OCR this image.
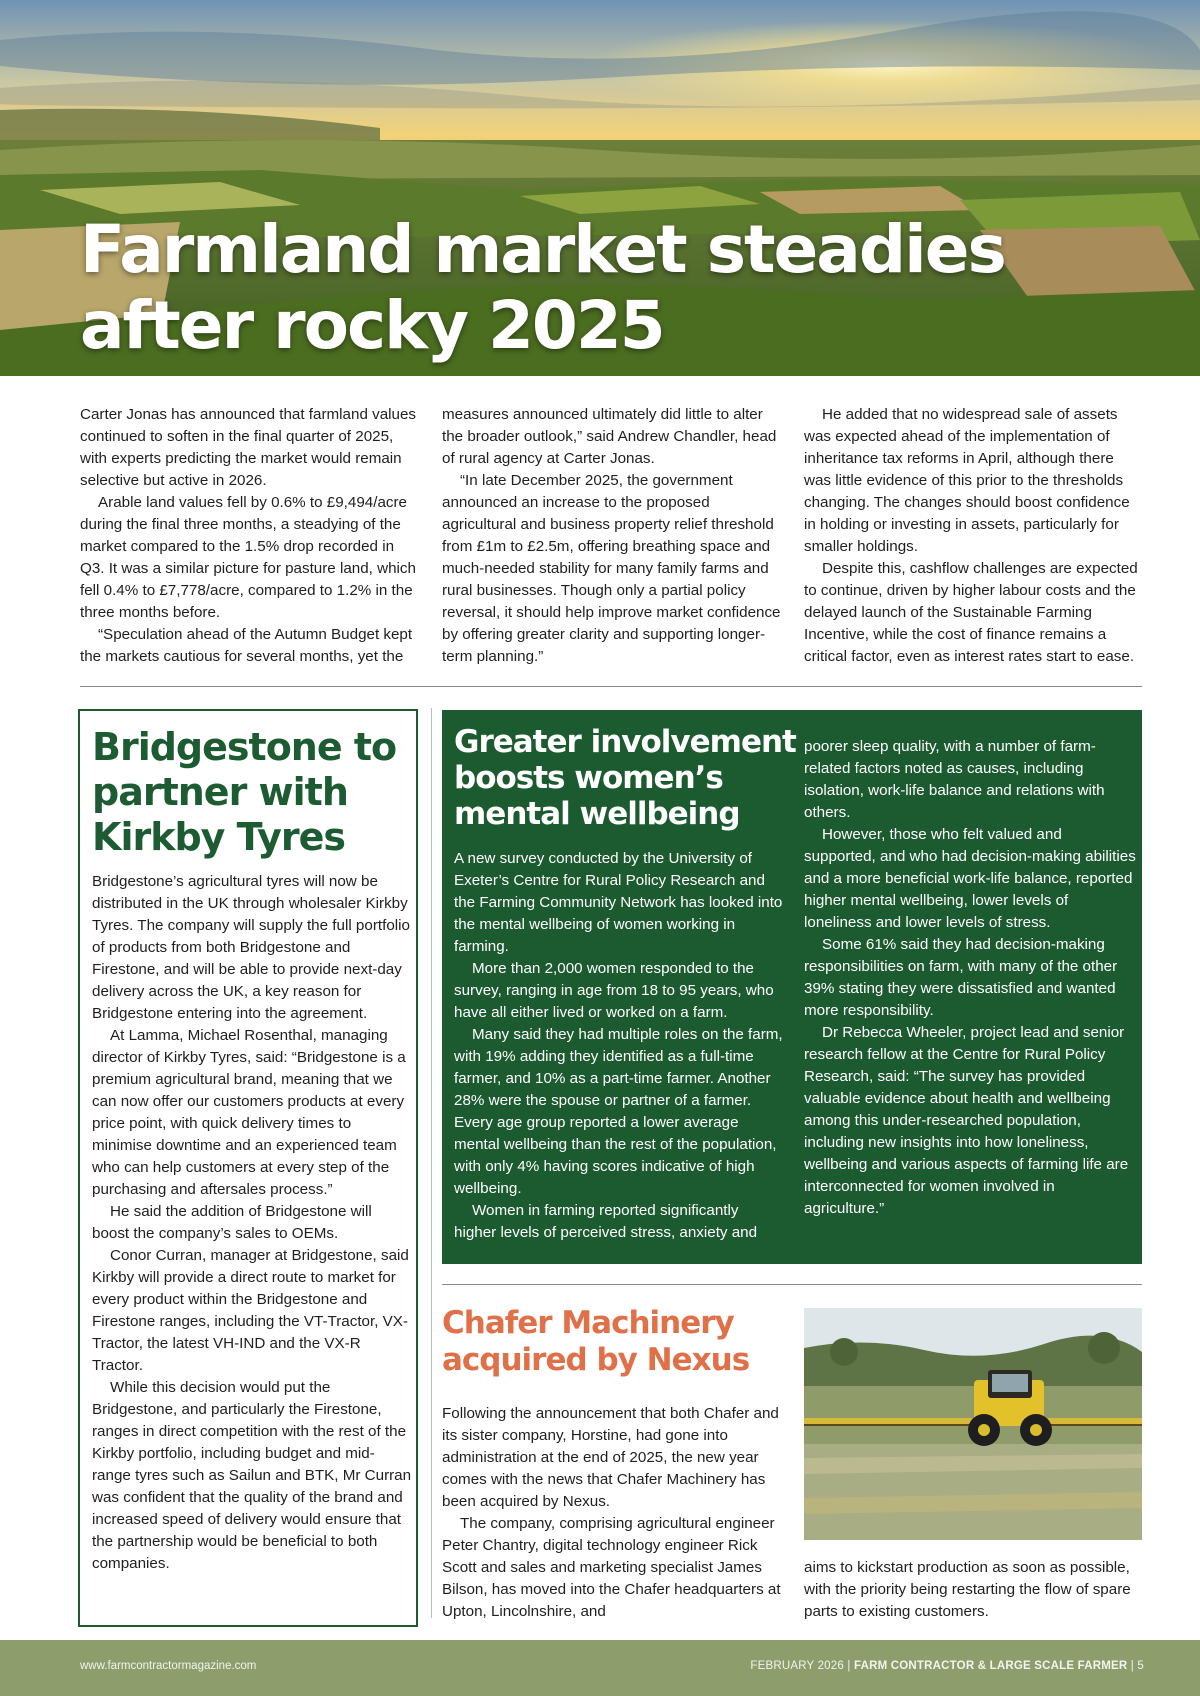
Farmland market steadies
after rocky 2025

Carter Jonas has announced that farmland values continued to soften in the final quarter of 2025, with experts predicting the market would remain selective but active in 2026.

Arable land values fell by 0.6% to £9,494/acre during the final three months, a steadying of the market compared to the 1.5% drop recorded in Q3. It was a similar picture for pasture land, which fell 0.4% to £7,778/acre, compared to 1.2% in the three months before.

“Speculation ahead of the Autumn Budget kept the markets cautious for several months, yet the

measures announced ultimately did little to alter the broader outlook,” said Andrew Chandler, head of rural agency at Carter Jonas.

“In late December 2025, the government announced an increase to the proposed agricultural and business property relief threshold from £1m to £2.5m, offering breathing space and much-needed stability for many family farms and rural businesses. Though only a partial policy reversal, it should help improve market confidence by offering greater clarity and supporting longer-term planning.”

He added that no widespread sale of assets was expected ahead of the implementation of inheritance tax reforms in April, although there was little evidence of this prior to the thresholds changing. The changes should boost confidence in holding or investing in assets, particularly for smaller holdings.

Despite this, cashflow challenges are expected to continue, driven by higher labour costs and the delayed launch of the Sustainable Farming Incentive, while the cost of finance remains a critical factor, even as interest rates start to ease.

Bridgestone to
partner with
Kirkby Tyres

Bridgestone’s agricultural tyres will now be distributed in the UK through wholesaler Kirkby Tyres. The company will supply the full portfolio of products from both Bridgestone and Firestone, and will be able to provide next-day delivery across the UK, a key reason for Bridgestone entering into the agreement.

At Lamma, Michael Rosenthal, managing director of Kirkby Tyres, said: “Bridgestone is a premium agricultural brand, meaning that we can now offer our customers products at every price point, with quick delivery times to minimise downtime and an experienced team who can help customers at every step of the purchasing and aftersales process.”

He said the addition of Bridgestone will boost the company’s sales to OEMs.

Conor Curran, manager at Bridgestone, said Kirkby will provide a direct route to market for every product within the Bridgestone and Firestone ranges, including the VT-Tractor, VX-Tractor, the latest VH-IND and the VX-R Tractor.

While this decision would put the Bridgestone, and particularly the Firestone, ranges in direct competition with the rest of the Kirkby portfolio, including budget and mid-range tyres such as Sailun and BTK, Mr Curran was confident that the quality of the brand and increased speed of delivery would ensure that the partnership would be beneficial to both companies.

Greater involvement
boosts women’s
mental wellbeing

A new survey conducted by the University of Exeter’s Centre for Rural Policy Research and the Farming Community Network has looked into the mental wellbeing of women working in farming.

More than 2,000 women responded to the survey, ranging in age from 18 to 95 years, who have all either lived or worked on a farm.

Many said they had multiple roles on the farm, with 19% adding they identified as a full-time farmer, and 10% as a part-time farmer. Another 28% were the spouse or partner of a farmer. Every age group reported a lower average mental wellbeing than the rest of the population, with only 4% having scores indicative of high wellbeing.

Women in farming reported significantly higher levels of perceived stress, anxiety and

poorer sleep quality, with a number of farm-related factors noted as causes, including isolation, work-life balance and relations with others.

However, those who felt valued and supported, and who had decision-making abilities and a more beneficial work-life balance, reported higher mental wellbeing, lower levels of loneliness and lower levels of stress.

Some 61% said they had decision-making responsibilities on farm, with many of the other 39% stating they were dissatisfied and wanted more responsibility.

Dr Rebecca Wheeler, project lead and senior research fellow at the Centre for Rural Policy Research, said: “The survey has provided valuable evidence about health and wellbeing among this under-researched population, including new insights into how loneliness, wellbeing and various aspects of farming life are interconnected for women involved in agriculture.”

Chafer Machinery
acquired by Nexus

Following the announcement that both Chafer and its sister company, Horstine, had gone into administration at the end of 2025, the new year comes with the news that Chafer Machinery has been acquired by Nexus.

The company, comprising agricultural engineer Peter Chantry, digital technology engineer Rick Scott and sales and marketing specialist James Bilson, has moved into the Chafer headquarters at Upton, Lincolnshire, and

aims to kickstart production as soon as possible, with the priority being restarting the flow of spare parts to existing customers.

www.farmcontractormagazine.com	FEBRUARY 2026 | FARM CONTRACTOR & LARGE SCALE FARMER | 5
